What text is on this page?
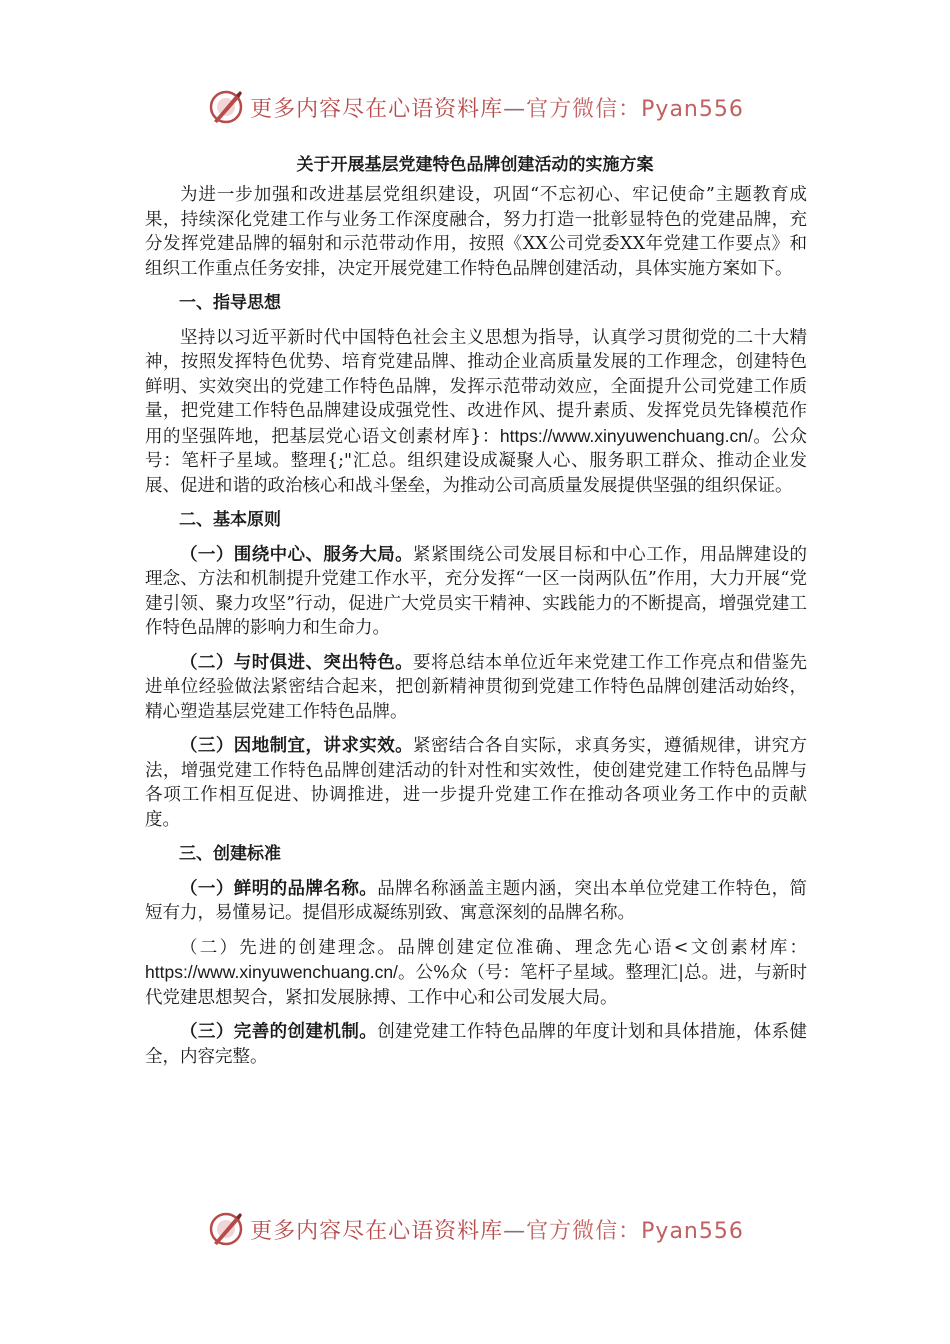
更多内容尽在心语资料库—官方微信：Pyan556
关于开展基层党建特色品牌创建活动的实施方案

为进一步加强和改进基层党组织建设，巩固“不忘初心、牢记使命”主题教育成果，持续深化党建工作与业务工作深度融合，努力打造一批彰显特色的党建品牌，充分发挥党建品牌的辐射和示范带动作用，按照《XX公司党委XX年党建工作要点》和组织工作重点任务安排，决定开展党建工作特色品牌创建活动，具体实施方案如下。

一、指导思想

坚持以习近平新时代中国特色社会主义思想为指导，认真学习贯彻党的二十大精神，按照发挥特色优势、培育党建品牌、推动企业高质量发展的工作理念，创建特色鲜明、实效突出的党建工作特色品牌，发挥示范带动效应，全面提升公司党建工作质量，把党建工作特色品牌建设成强党性、改进作风、提升素质、发挥党员先锋模范作用的坚强阵地，把基层党心语文创素材库}：https://www.xinyuwenchuang.cn/。公众号：笔杆子星域。整理{;"汇总。组织建设成凝聚人心、服务职工群众、推动企业发展、促进和谐的政治核心和战斗堡垒，为推动公司高质量发展提供坚强的组织保证。

二、基本原则

（一）围绕中心、服务大局。紧紧围绕公司发展目标和中心工作，用品牌建设的理念、方法和机制提升党建工作水平，充分发挥“一区一岗两队伍”作用，大力开展“党建引领、聚力攻坚”行动，促进广大党员实干精神、实践能力的不断提高，增强党建工作特色品牌的影响力和生命力。

（二）与时俱进、突出特色。要将总结本单位近年来党建工作工作亮点和借鉴先进单位经验做法紧密结合起来，把创新精神贯彻到党建工作特色品牌创建活动始终，精心塑造基层党建工作特色品牌。

（三）因地制宜，讲求实效。紧密结合各自实际，求真务实，遵循规律，讲究方法，增强党建工作特色品牌创建活动的针对性和实效性，使创建党建工作特色品牌与各项工作相互促进、协调推进，进一步提升党建工作在推动各项业务工作中的贡献度。

三、创建标准

（一）鲜明的品牌名称。品牌名称涵盖主题内涵，突出本单位党建工作特色，简短有力，易懂易记。提倡形成凝练别致、寓意深刻的品牌名称。

（二）先进的创建理念。品牌创建定位准确、理念先心语<文创素材库：https://www.xinyuwenchuang.cn/。公%众（号：笔杆子星域。整理汇|总。进，与新时代党建思想契合，紧扣发展脉搏、工作中心和公司发展大局。

（三）完善的创建机制。创建党建工作特色品牌的年度计划和具体措施，体系健全，内容完整。

更多内容尽在心语资料库—官方微信：Pyan556
